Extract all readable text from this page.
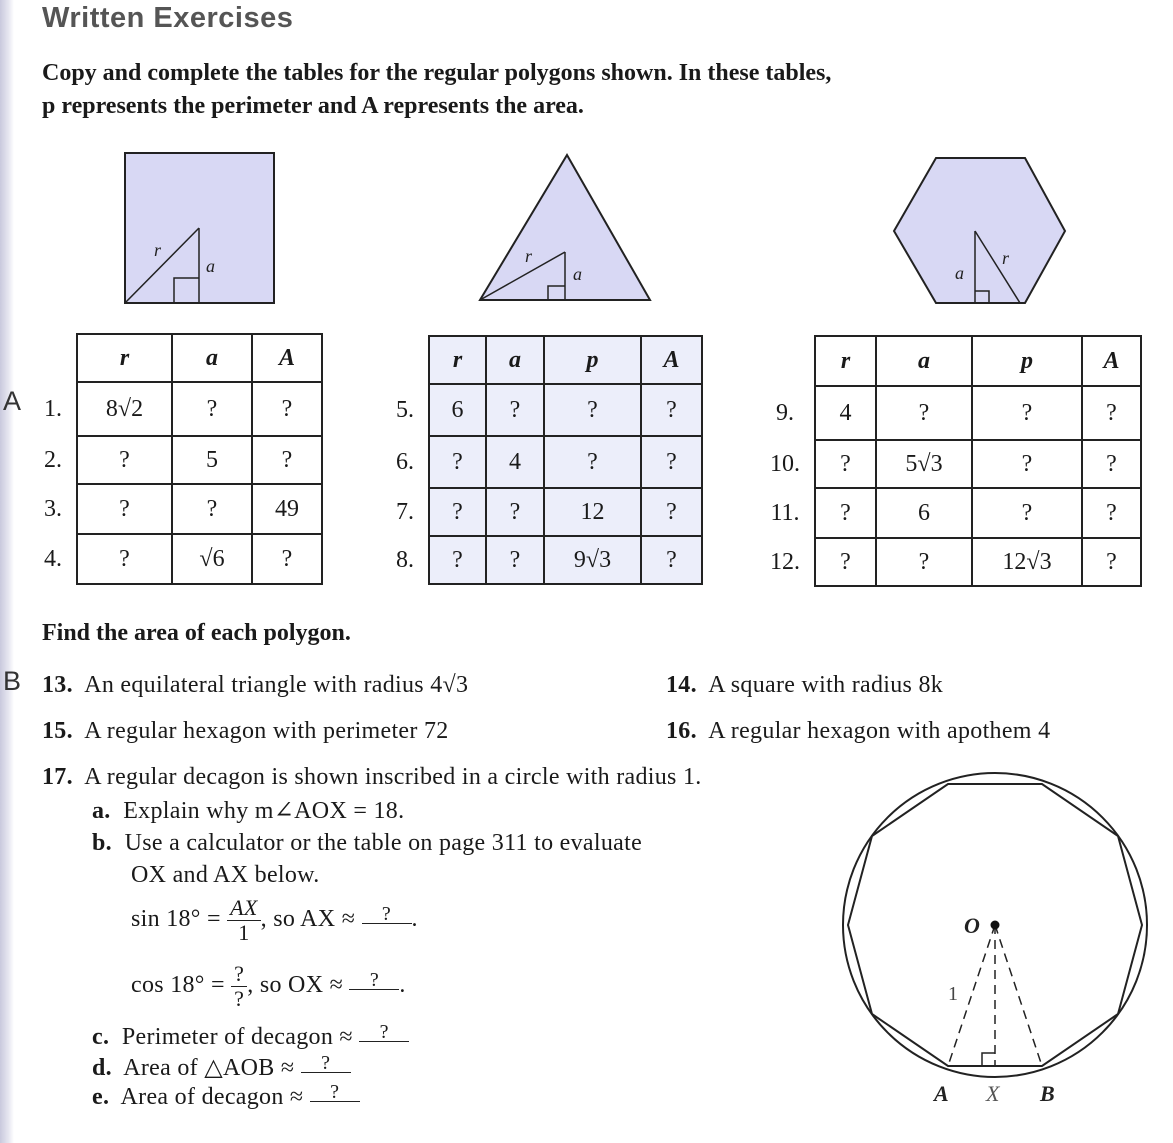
Written Exercises
Copy and complete the tables for the regular polygons shown. In these tables,
p represents the perimeter and A represents the area.
r
a	r
a
r
a
A
	r	a	A
1.	8√2	?	?
2.	?	5	?
3.	?	?	49
4.	?	√6	?
	r	a	p	A
5.	6	?	?	?
6.	?	4	?	?
7.	?	?	12	?
8.	?	?	9√3	?
	r	a	p	A
9.	4	?	?	?
10.	?	5√3	?	?
11.	?	6	?	?
12.	?	?	12√3	?
Find the area of each polygon.
B 13. An equilateral triangle with radius 4√3	14. A square with radius 8k
15. A regular hexagon with perimeter 72	16. A regular hexagon with apothem 4
17. A regular decagon is shown inscribed in a circle with radius 1.
a. Explain why m∠AOX = 18.
b. Use a calculator or the table on page 311 to evaluate
OX and AX below.
$\sin 18^\circ = \frac{AX}{1}$ , so AX ≈ ? .
$\cos 18^\circ = \frac{?}{?}$ , so OX ≈ ? .
c. Perimeter of decagon ≈ ?
d. Area of △AOB ≈ ?
e. Area of decagon ≈ ?
O
1
A X B
